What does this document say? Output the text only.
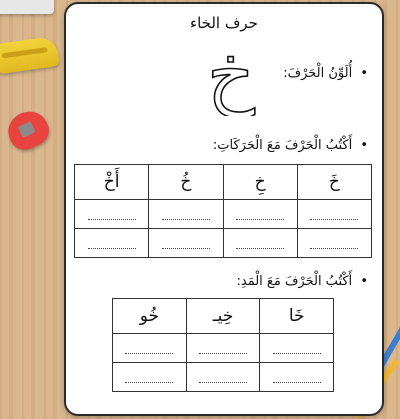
حرف الخاء
• أُلَوِّنُ الْحَرْفَ:
خ
• أَكْتُبُ الْحَرْفَ مَعَ الْحَرَكَاتِ:
خَ	خِ	خُ	أَخْ

• أَكْتُبُ الْحَرْفَ مَعَ الْمَدِ:
خَا	خِيـ	خُو
